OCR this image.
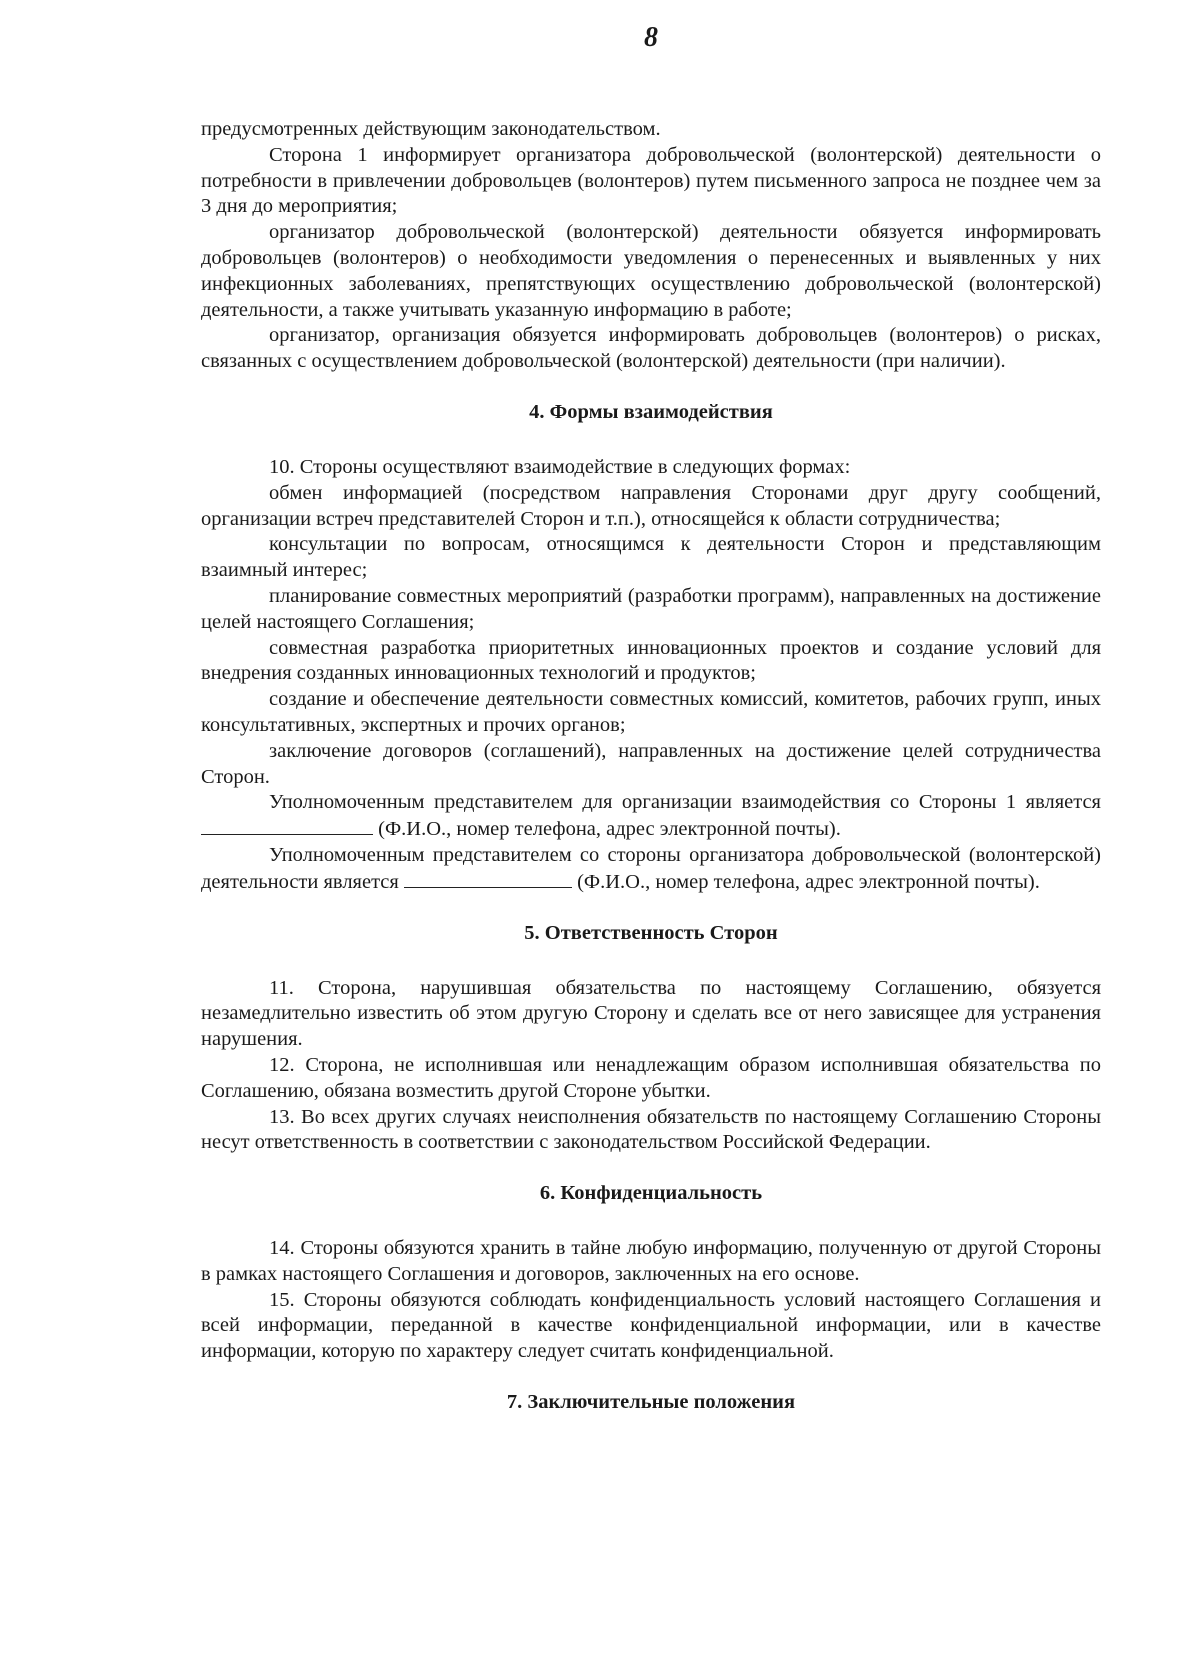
8

предусмотренных действующим законодательством.

Сторона 1 информирует организатора добровольческой (волонтерской) деятельности о потребности в привлечении добровольцев (волонтеров) путем письменного запроса не позднее чем за 3 дня до мероприятия;

организатор добровольческой (волонтерской) деятельности обязуется информировать добровольцев (волонтеров) о необходимости уведомления о перенесенных и выявленных у них инфекционных заболеваниях, препятствующих осуществлению добровольческой (волонтерской) деятельности, а также учитывать указанную информацию в работе;

организатор, организация обязуется информировать добровольцев (волонтеров) о рисках, связанных с осуществлением добровольческой (волонтерской) деятельности (при наличии).

4. Формы взаимодействия

10. Стороны осуществляют взаимодействие в следующих формах:

обмен информацией (посредством направления Сторонами друг другу сообщений, организации встреч представителей Сторон и т.п.), относящейся к области сотрудничества;

консультации по вопросам, относящимся к деятельности Сторон и представляющим взаимный интерес;

планирование совместных мероприятий (разработки программ), направленных на достижение целей настоящего Соглашения;

совместная разработка приоритетных инновационных проектов и создание условий для внедрения созданных инновационных технологий и продуктов;

создание и обеспечение деятельности совместных комиссий, комитетов, рабочих групп, иных консультативных, экспертных и прочих органов;

заключение договоров (соглашений), направленных на достижение целей сотрудничества Сторон.

Уполномоченным представителем для организации взаимодействия со Стороны 1 является  (Ф.И.О., номер телефона, адрес электронной почты).

Уполномоченным представителем со стороны организатора добровольческой (волонтерской) деятельности является	(Ф.И.О., номер телефона, адрес электронной почты).

5. Ответственность Сторон

11. Сторона, нарушившая обязательства по настоящему Соглашению, обязуется незамедлительно известить об этом другую Сторону и сделать все от него зависящее для устранения нарушения.

12. Сторона, не исполнившая или ненадлежащим образом исполнившая обязательства по Соглашению, обязана возместить другой Стороне убытки.

13. Во всех других случаях неисполнения обязательств по настоящему Соглашению Стороны несут ответственность в соответствии с законодательством Российской Федерации.

6. Конфиденциальность

14. Стороны обязуются хранить в тайне любую информацию, полученную от другой Стороны в рамках настоящего Соглашения и договоров, заключенных на его основе.

15. Стороны обязуются соблюдать конфиденциальность условий настоящего Соглашения и всей информации, переданной в качестве конфиденциальной информации, или в качестве информации, которую по характеру следует считать конфиденциальной.

7. Заключительные положения
